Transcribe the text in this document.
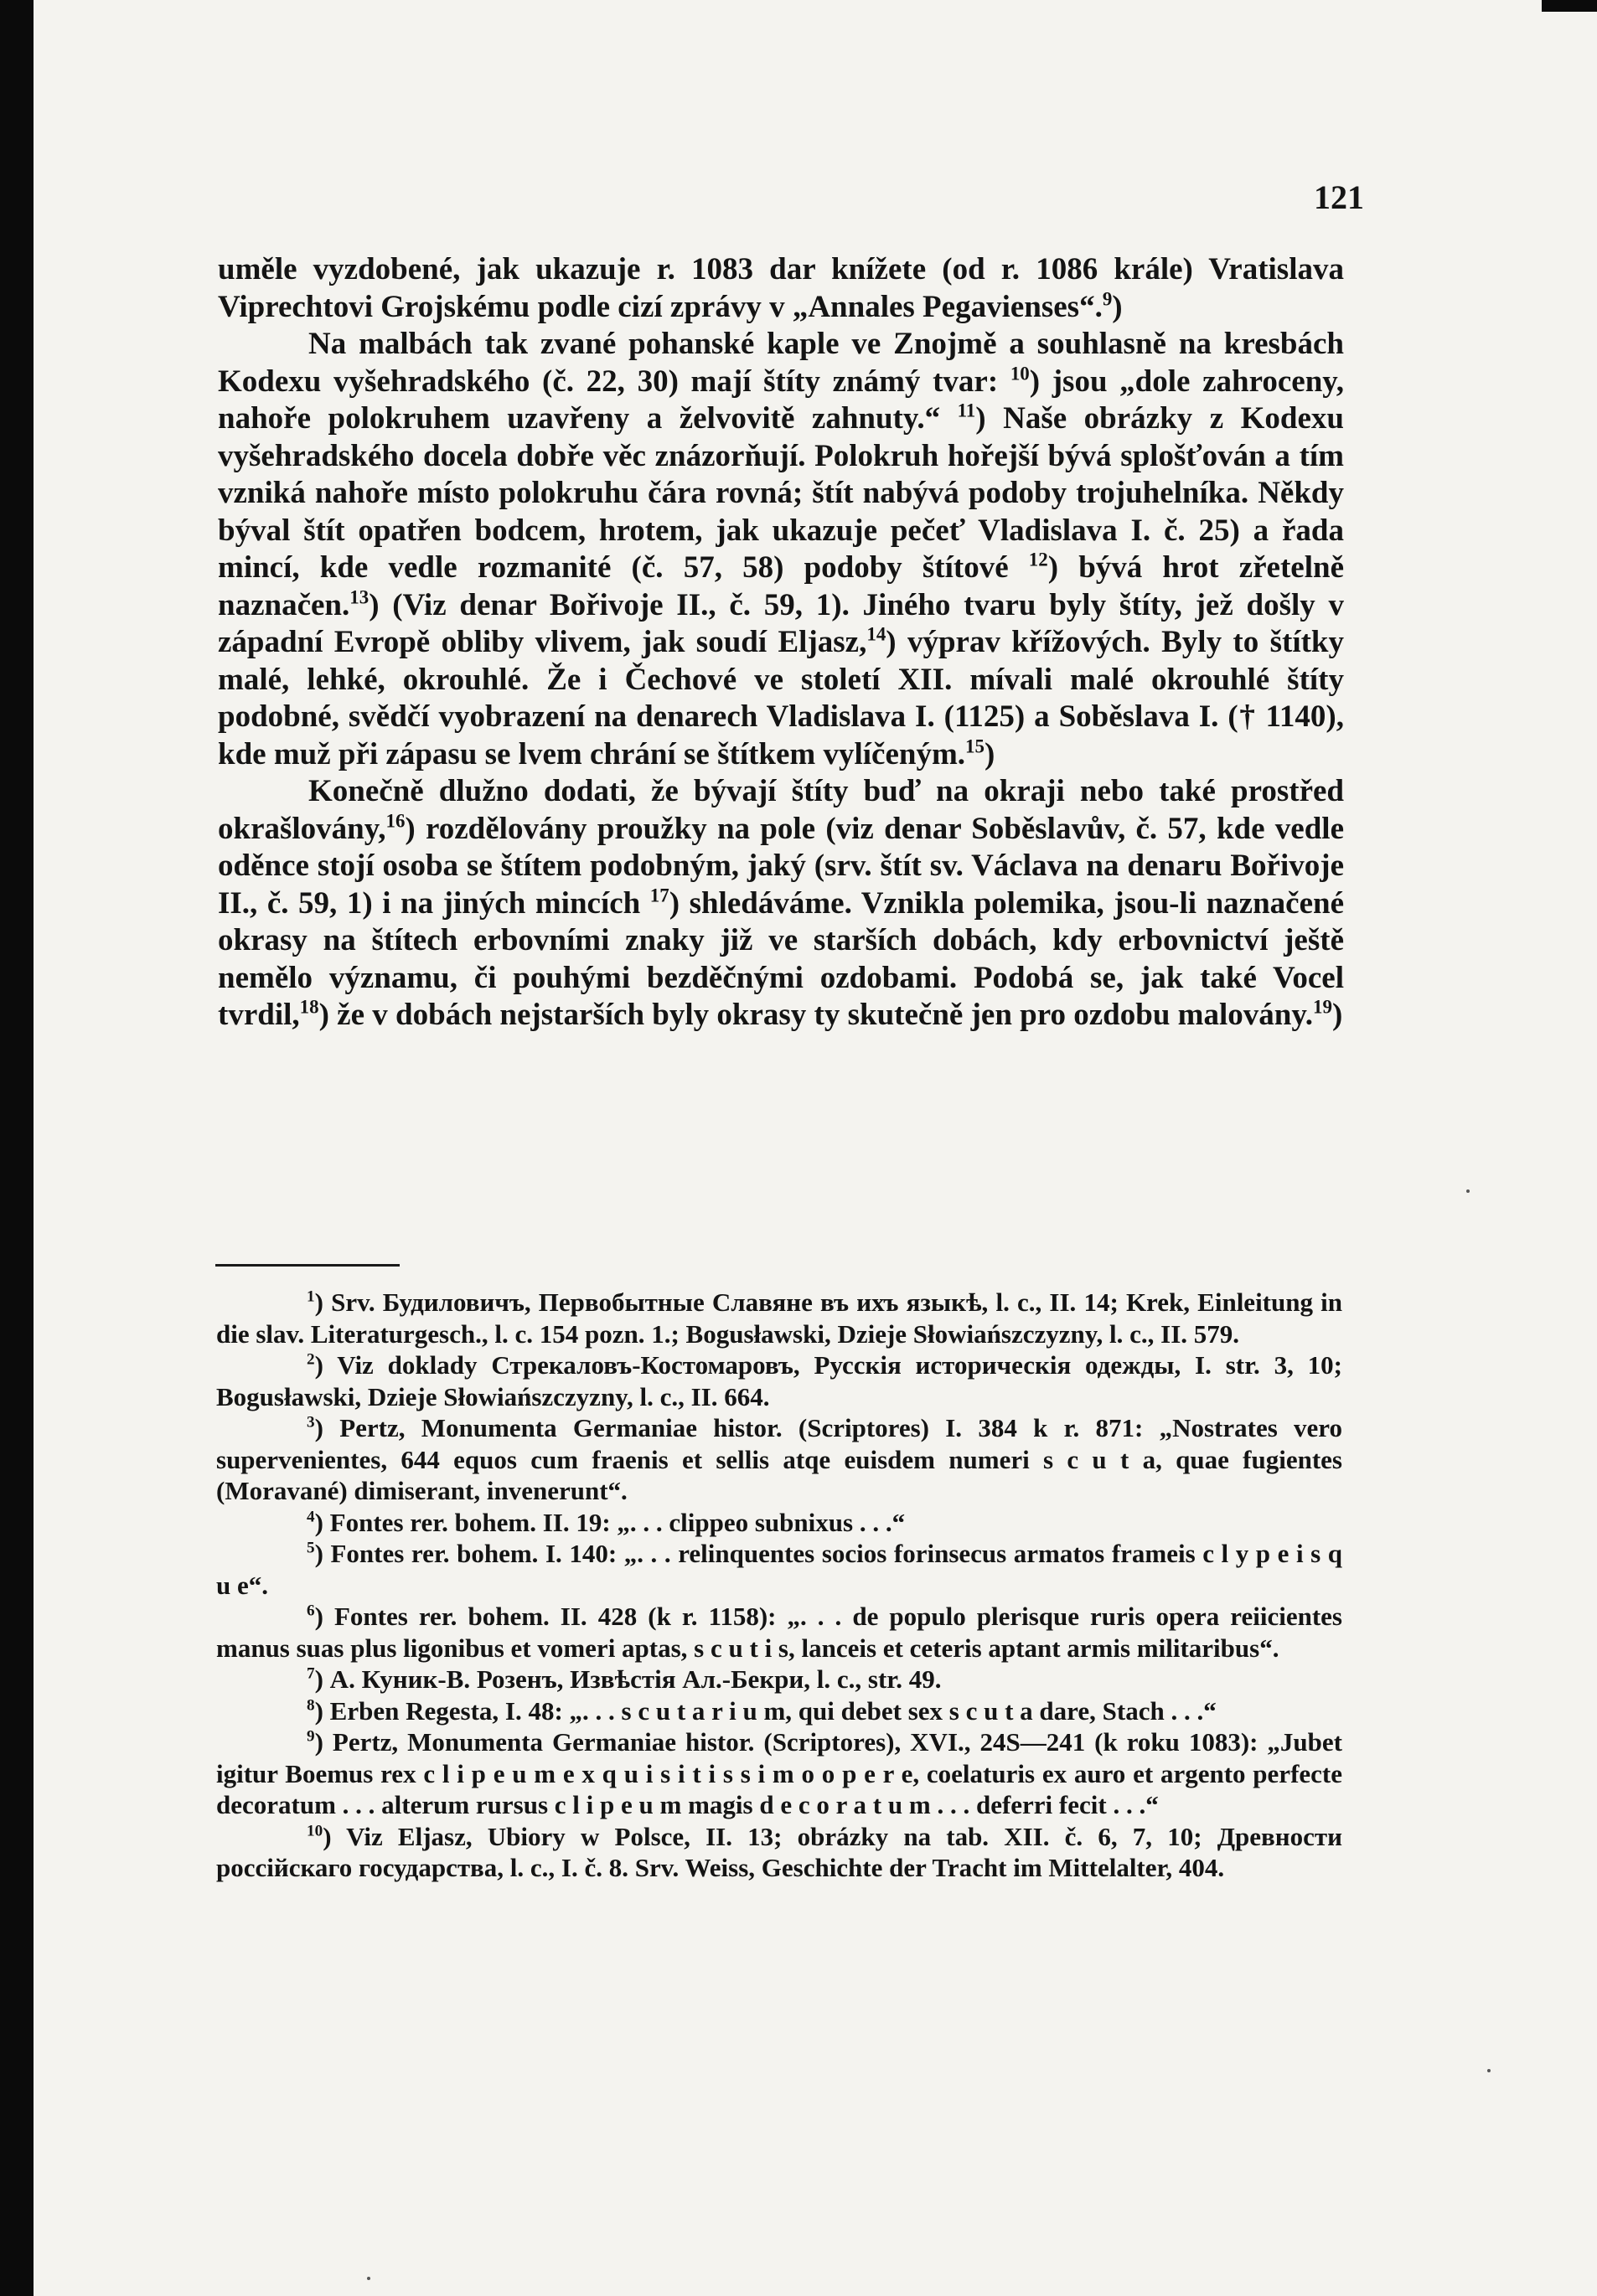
121

uměle vyzdobené, jak ukazuje r. 1083 dar knížete (od r. 1086 krále) Vratislava Viprechtovi Grojskému podle cizí zprávy v „Annales Pegavienses“.$^9$)

Na malbách tak zvané pohanské kaple ve Znojmě a souhlasně na kresbách Kodexu vyšehradského (č. 22, 30) mají štíty známý tvar: $^{10}$) jsou „dole zahroceny, nahoře polokruhem uzavřeny a želvovitě zahnuty.“ $^{11}$) Naše obrázky z Kodexu vyšehradského docela dobře věc znázorňují. Polokruh hořejší bývá splošťován a tím vzniká nahoře místo polokruhu čára rovná; štít nabývá podoby trojuhelníka. Někdy býval štít opatřen bodcem, hrotem, jak ukazuje pečeť Vladislava I. č. 25) a řada mincí, kde vedle rozmanité (č. 57, 58) podoby štítové $^{12}$) bývá hrot zřetelně naznačen.$^{13}$) (Viz denar Bořivoje II., č. 59, 1). Jiného tvaru byly štíty, jež došly v západní Evropě obliby vlivem, jak soudí Eljasz,$^{14}$) výprav křížových. Byly to štítky malé, lehké, okrouhlé. Že i Čechové ve století XII. mívali malé okrouhlé štíty podobné, svědčí vyobrazení na denarech Vladislava I. (1125) a Soběslava I. († 1140), kde muž při zápasu se lvem chrání se štítkem vylíčeným.$^{15}$)

Konečně dlužno dodati, že bývají štíty buď na okraji nebo také prostřed okrašlovány,$^{16}$) rozdělovány proužky na pole (viz denar Soběslavův, č. 57, kde vedle oděnce stojí osoba se štítem podobným, jaký (srv. štít sv. Václava na denaru Bořivoje II., č. 59, 1) i na jiných mincích $^{17}$) shledáváme. Vznikla polemika, jsou-li naznačené okrasy na štítech erbovními znaky již ve starších dobách, kdy erbovnictví ještě nemělo významu, či pouhými bezděčnými ozdobami. Podobá se, jak také Vocel tvrdil,$^{18}$) že v dobách nejstarších byly okrasy ty skutečně jen pro ozdobu malovány.$^{19}$)

$^1$) Srv. Будиловичъ, Первобытные Славяне въ ихъ языкѣ, l. c., II. 14; Krek, Einleitung in die slav. Literaturgesch., l. c. 154 pozn. 1.; Bogusławski, Dzieje Słowiańszczyzny, l. c., II. 579.

$^2$) Viz doklady Стрекаловъ-Костомаровъ, Русскія историческія одежды, I. str. 3, 10; Bogusławski, Dzieje Słowiańszczyzny, l. c., II. 664.

$^3$) Pertz, Monumenta Germaniae histor. (Scriptores) I. 384 k r. 871: „Nostrates vero supervenientes, 644 equos cum fraenis et sellis atqe euisdem numeri s c u t a, quae fugientes (Moravané) dimiserant, invenerunt“.

$^4$) Fontes rer. bohem. II. 19: „. . . clippeo subnixus . . .“

$^5$) Fontes rer. bohem. I. 140: „. . . relinquentes socios forinsecus armatos frameis c l y p e i s q u e“.

$^6$) Fontes rer. bohem. II. 428 (k r. 1158): „. . . de populo plerisque ruris opera reiicientes manus suas plus ligonibus et vomeri aptas, s c u t i s, lanceis et ceteris aptant armis militaribus“.

$^7$) А. Куник-В. Розенъ, Извѣстія Ал.-Бекри, l. c., str. 49.

$^8$) Erben Regesta, I. 48: „. . . s c u t a r i u m, qui debet sex s c u t a dare, Stach . . .“

$^9$) Pertz, Monumenta Germaniae histor. (Scriptores), XVI., 24S—241 (k roku 1083): „Jubet igitur Boemus rex c l i p e u m e x q u i s i t i s s i m o o p e r e, coelaturis ex auro et argento perfecte decoratum . . . alterum rursus c l i p e u m magis d e c o r a t u m . . . deferri fecit . . .“

$^{10}$) Viz Eljasz, Ubiory w Polsce, II. 13; obrázky na tab. XII. č. 6, 7, 10; Древности россійскаго государства, l. c., I. č. 8. Srv. Weiss, Geschichte der Tracht im Mittelalter, 404.
